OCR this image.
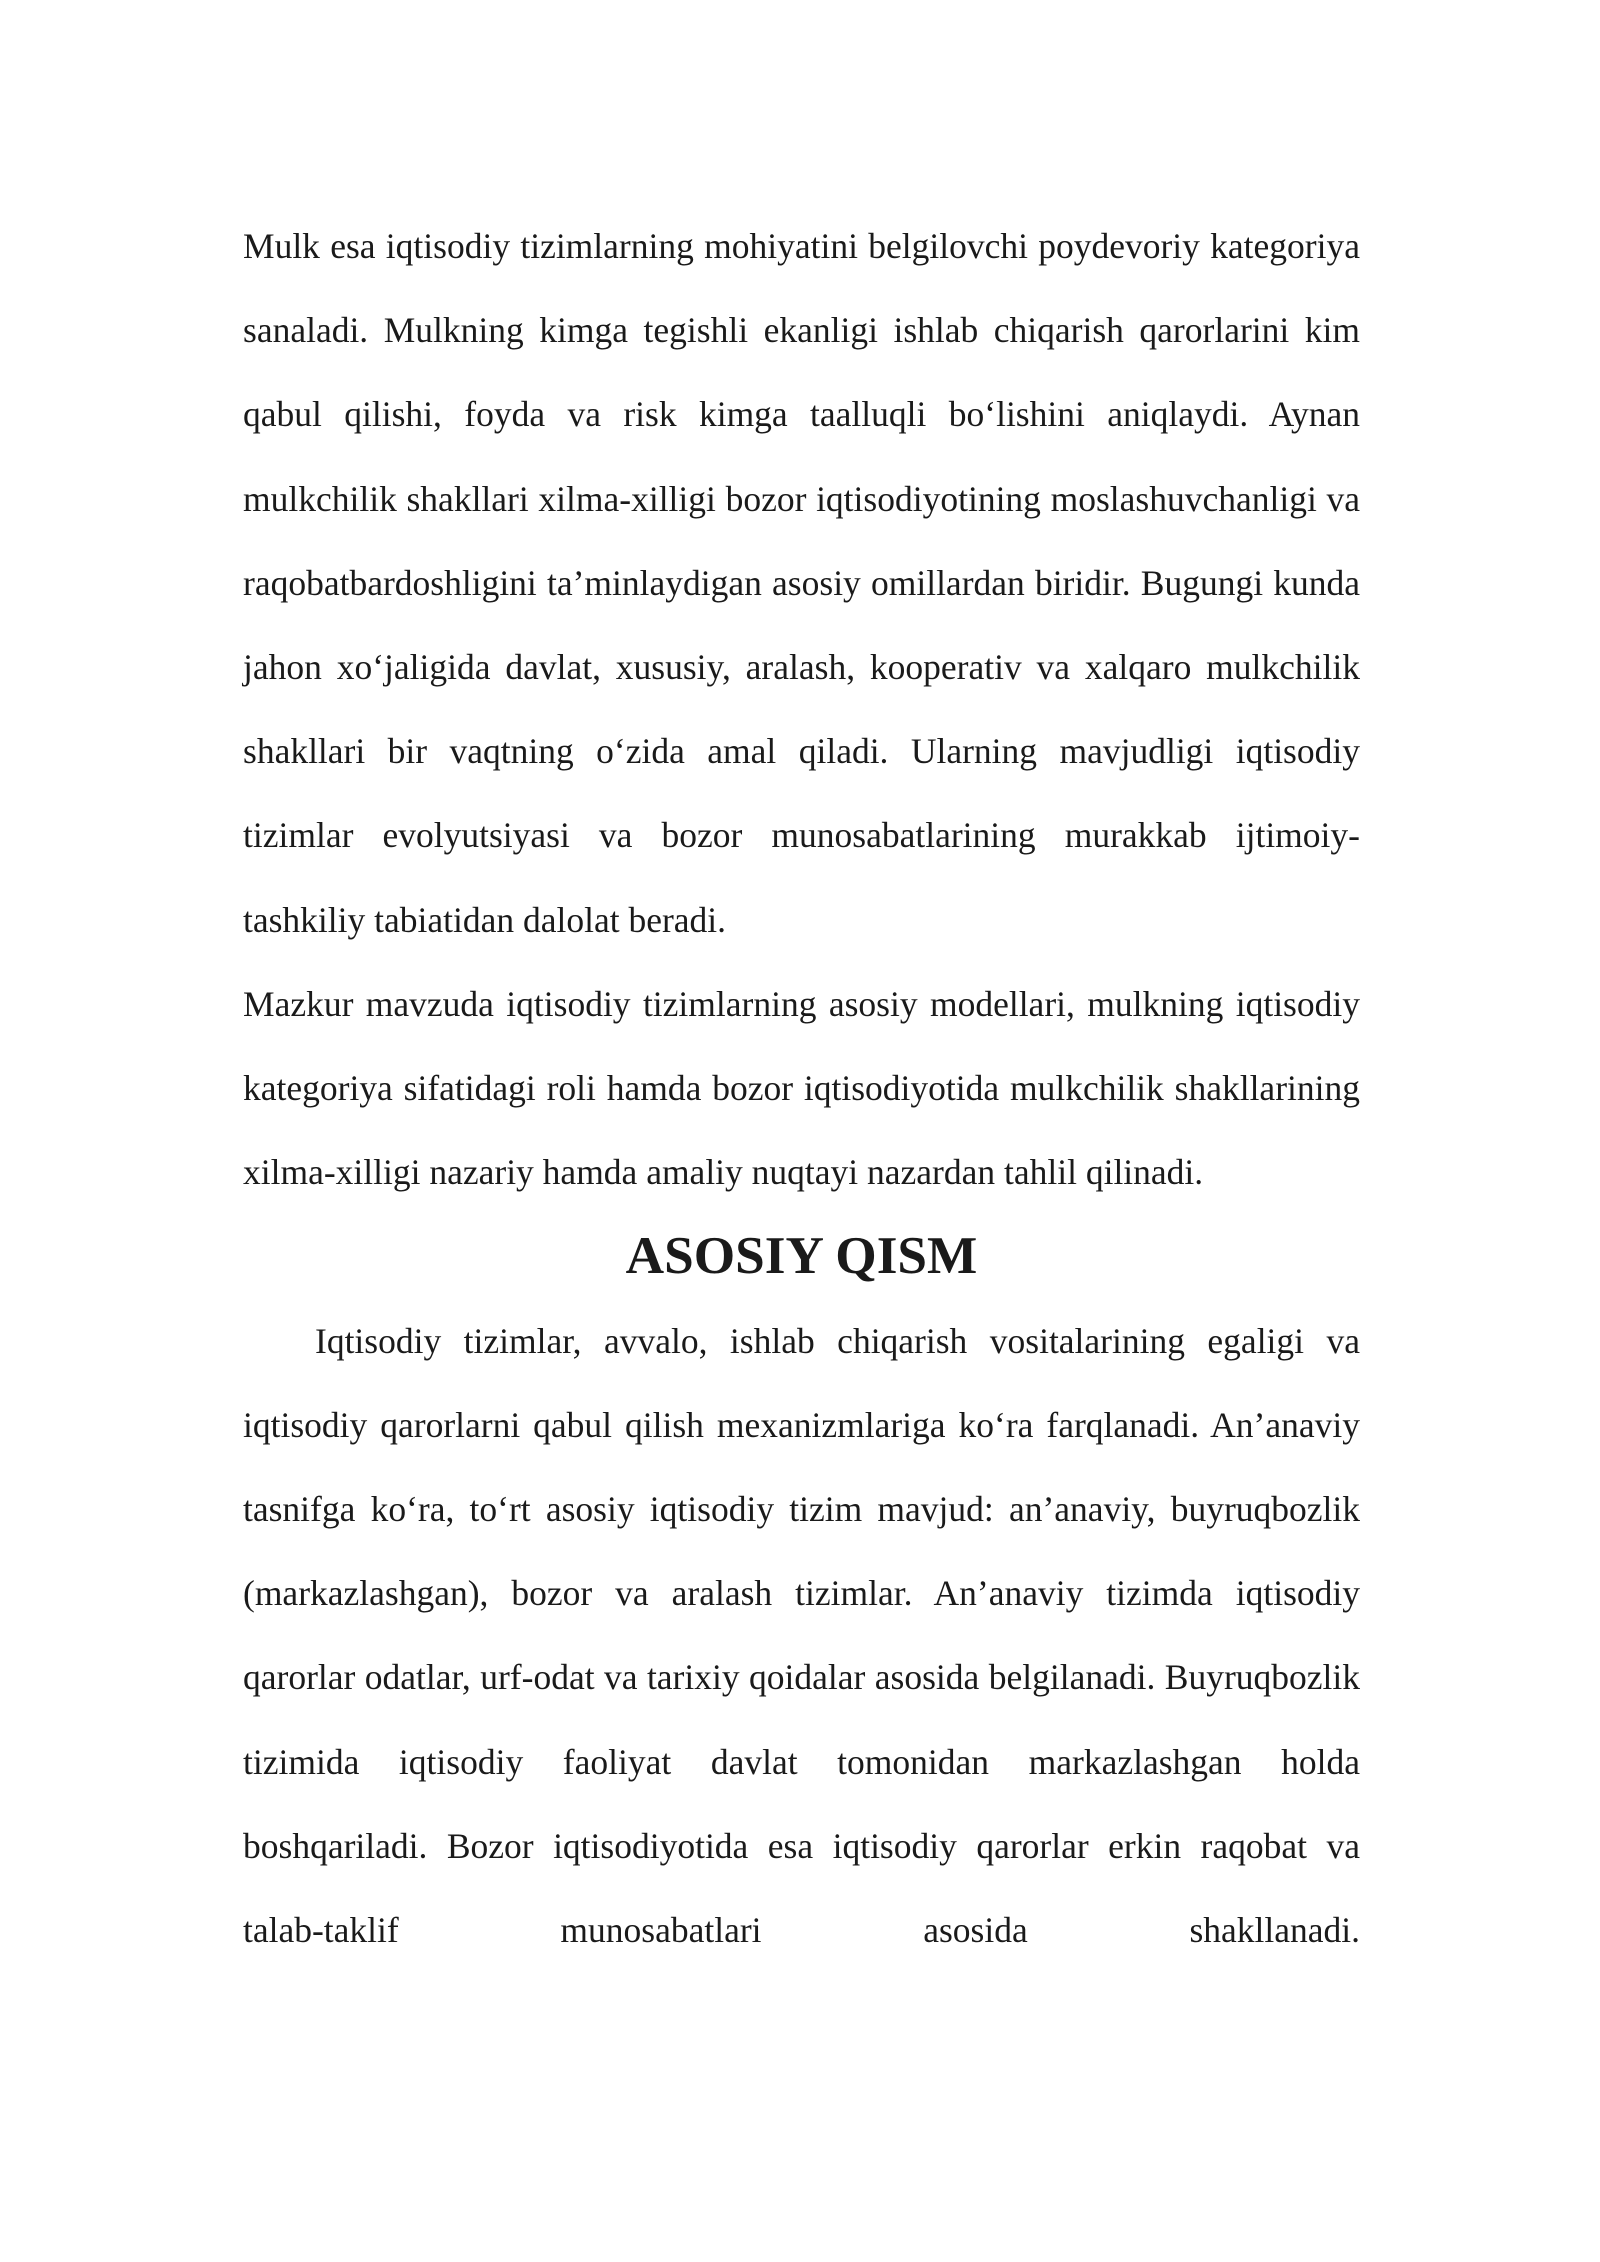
Mulk esa iqtisodiy tizimlarning mohiyatini belgilovchi poydevoriy kategoriya sanaladi. Mulkning kimga tegishli ekanligi ishlab chiqarish qarorlarini kim qabul qilishi, foyda va risk kimga taalluqli bo‘lishini aniqlaydi. Aynan mulkchilik shakllari xilma-xilligi bozor iqtisodiyotining moslashuvchanligi va raqobatbardoshligini ta’minlaydigan asosiy omillardan biridir. Bugungi kunda jahon xo‘jaligida davlat, xususiy, aralash, kooperativ va xalqaro mulkchilik shakllari bir vaqtning o‘zida amal qiladi. Ularning mavjudligi iqtisodiy tizimlar evolyutsiyasi va bozor munosabatlarining murakkab ijtimoiy-tashkiliy tabiatidan dalolat beradi.

Mazkur mavzuda iqtisodiy tizimlarning asosiy modellari, mulkning iqtisodiy kategoriya sifatidagi roli hamda bozor iqtisodiyotida mulkchilik shakllarining xilma-xilligi nazariy hamda amaliy nuqtayi nazardan tahlil qilinadi.

ASOSIY QISM

Iqtisodiy tizimlar, avvalo, ishlab chiqarish vositalarining egaligi va iqtisodiy qarorlarni qabul qilish mexanizmlariga ko‘ra farqlanadi. An’anaviy tasnifga ko‘ra, to‘rt asosiy iqtisodiy tizim mavjud: an’anaviy, buyruqbozlik (markazlashgan), bozor va aralash tizimlar. An’anaviy tizimda iqtisodiy qarorlar odatlar, urf-odat va tarixiy qoidalar asosida belgilanadi. Buyruqbozlik tizimida iqtisodiy faoliyat davlat tomonidan markazlashgan holda boshqariladi. Bozor iqtisodiyotida esa iqtisodiy qarorlar erkin raqobat va talab-taklif munosabatlari asosida shakllanadi.
